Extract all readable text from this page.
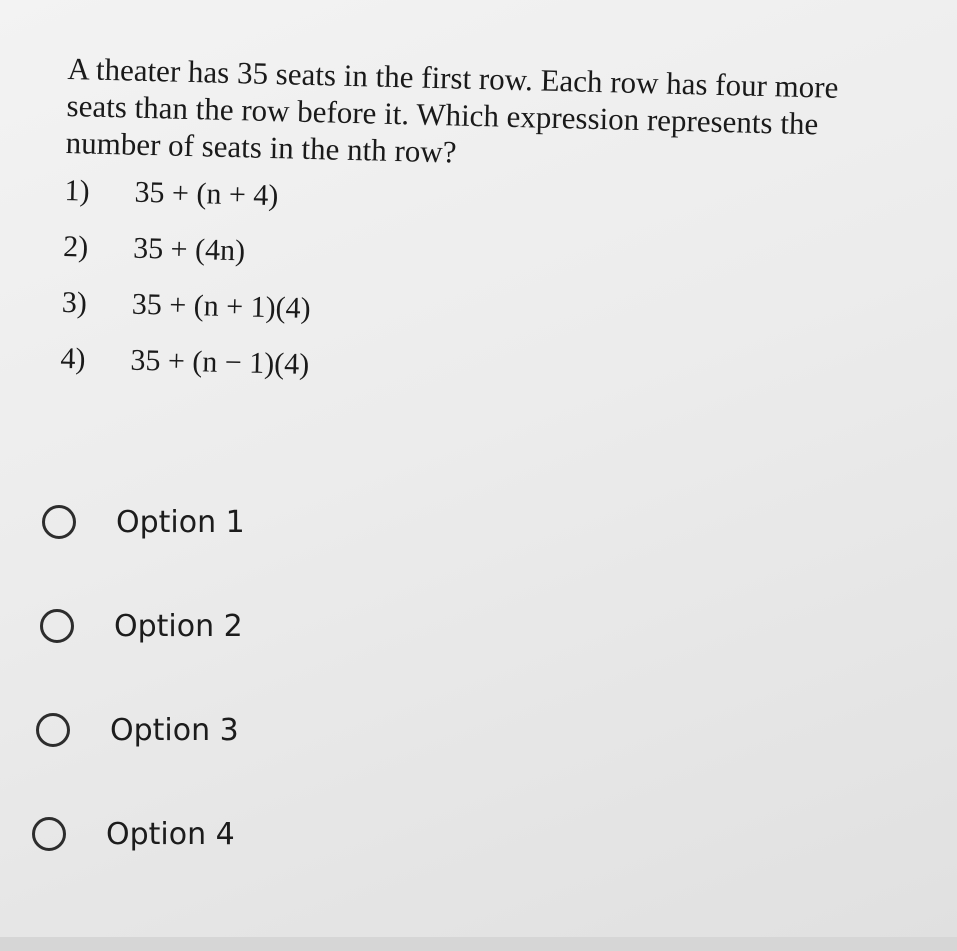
A theater has 35 seats in the first row. Each row has four more seats than the row before it. Which expression represents the number of seats in the nth row?
1)	35 + (n + 4)
2)	35 + (4n)
3)	35 + (n + 1)(4)
4)	35 + (n − 1)(4)
Option 1
Option 2
Option 3
Option 4
